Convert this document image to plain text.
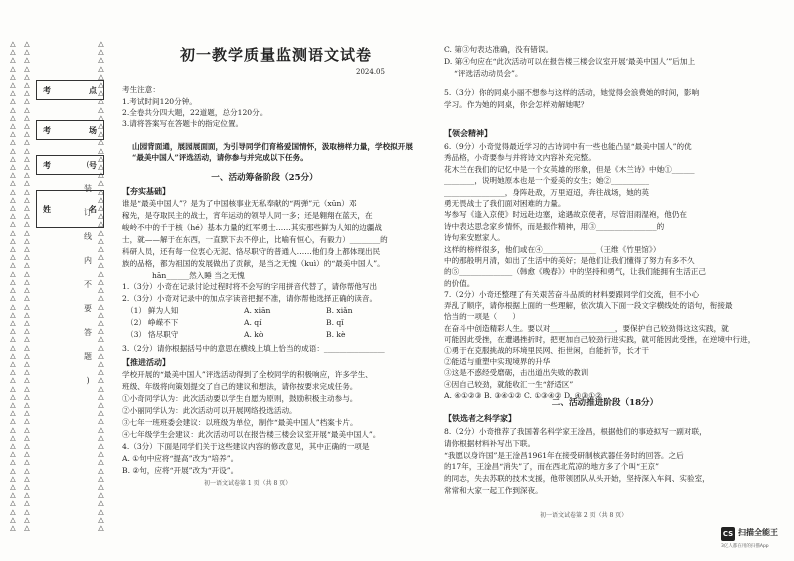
△
△
△
△
△
△
△
△
△
△
△
△
△
△
△
△
△
△
△
△
△
△
△
△
△
△
△
△
△
△
△
△
△
△
△
△
△
△
△
△
△
△
△
△
△
△
△
△
△
△
△
△
△
△
△
△
△
△
△
△
△
△
△
△
△
△
△
△
△
△
△
△
△
△
△
△
△
△
△
△
△
△
△
△
△
△
△
△
△
△
△
△
△
△
△
△
△
△
△
△
△
△
△
△
△
△
△
△
△
△
△
△
△
△
△
△
△
△
△
△
△
△
△
△
△
△
△
△
△
△
△
△
△
△
△
△
△
△
△
△
△
△
△
△
△
△
△
△
△
△
△
△
△
△
△
△
△
△
△
△
△
△
△
△
△
△
△
△
△
△
△
△
△
△
△
△
△
△
△
△
考	点
考	场
考	号
姓	名
(
装
订
线
内
不
要
答
题
)
初一教学质量监测语文试卷
2024.05

考生注意：

1.考试时间120分钟。

2.全卷共分四大题，22道题，总分120分。

3.请将答案写在答题卡的指定位置。

山园背面通，展园展面面，为引导同学们育格爱国情怀，汲取榜样力量，学校拟开展

“最美中国人”评选活动，请你参与并完成以下任务。

一、活动筹备阶段（25分）
【夯实基础】

谁是“最美中国人”？是为了中国核事业无私奉献的“两弹”元（xūn）邓

稼先，是夺取民主的战士，宵年运动的领导人同一多；还是翱翔在蓝天，在

峻岭不中的千于核（hé）基本力量的红军勇士……其实那些鲜为人知的边疆战

士，就——解于在东西，一直默下去不停止，比喻有恒心，有毅力）________的

科研人员，还有每一位衷心无泥、恪尽职守的普通人……他们身上都体现出民

族的品格，都为祖国的发展做出了贡献，是当之无愧（kuì）的“最美中国人”。

hān______然入睡 当之无愧

1.（3分）小奇在记录讨论过程时将不会写的字用拼音代替了，请你帮他写出

2.（3分）小奇对记录中的加点字读音把握不准，请你帮他选择正确的读音。

（1） 鲜为人知	A. xiān	B. xiǎn
（2） 峥嵘不下	A. qí	B. qǐ
（3） 恪尽职守	A. kò	B. kè

3.（2分）请你根据括号中的意思在横线上填上恰当的成语：________________

【推进活动】

学校开展的“最美中国人”评选活动得到了全校同学的积极响应，许多学生、

班级、年级将向策划提交了自己的建议和想法，请你按要求完成任务。

①小奇同学认为：此次活动要以学生自愿为原则，鼓励积极主动参与。

②小丽同学认为：此次活动可以开展网络投选活动。

③七年一班班委会建议：以班级为单位，制作“最美中国人”档案卡片。

④七年级学生会建议：此次活动可以在报告楼三楼会议室开展“最美中国人”。

4.（3分）下面是同学们关于这些建议内容的修改意见，其中正确的一项是

A. ①句中应将“提高”改为“培养”。

B. ②句，应将“开展”改为“开设”。

初一语文试卷第 1 页（共 8 页）

C. 第③句表达准确，没有错误。

D. 第④句应在“此次活动可以在报告楼三楼会议室开展‘最美中国人’”后加上

“评选活动动员会”。

5.（3分）你的同桌小丽不想参与这样的活动，她觉得会浪费她的时间，影响

学习。作为她的同桌，你会怎样劝解她呢？

【领会精神】

6.（9分）小奇觉得最近学习的古诗词中有一些也能凸显“最美中国人”的优

秀品格，小奇要参与并将诗文内容补充完整。

花木兰在我们的记忆中是一个女英雄的形象，但是《木兰诗》中她①______

________，说明她原本也是一个爱美的女生；她②__________

________________，身阵赴敌，万里迢迢，奔往战场，她的英

勇无畏战士了我们面对困难的力量。

岑参写《逢入京使》时远赴边塞，途遇故京使者，尽管泪雨湿袍，他仍在

诗中表达思念家乡情怀，而是振作精神，用③________________的

诗句来安慰家人。

这样的榜样很多，他们或在④______________（王维《竹里馆》）

中的那般明月清，如出了生活中的美好；是他们让我们懂得了努力有多不久

的⑤______________（韩愈《晚春》）中的坚持和勇气，让我们能拥有生活正己

的价值。

7.（2分）小奇还整理了有关艰苦奋斗品质的材料要跟同学们交流，但不小心

弄乱了顺序，请你根据上面的一些理解，依次填入下面一段文字横线处的语句，衔接最

恰当的一项是（　　）

在奋斗中创造精彩人生。要以对_________________，要保护自己较劲得这这实践，就

可能因此受挫，在遭遇挫折时，把更加自己较劲行进实践，就可能因此受挫，在逆境中行进，

①勇于在克服挑战的环境里民网、拒世闲，自能折节，长才干

②能适与重塑中实现境界的升华

③这是不惑经受磨砺，击出道出失败的教训

④因自己较劲，就能收汇一生“舒适区”

A. ④①②③ B. ③④①② C. ①③④② D. ④③①②

二、活动推进阶段（18分）
【铁选者之科学家】

8.（2分）小奇推荐了我国著名科学家王淦昌，根据他们的事迹拟写一副对联，

请你根据材料补写出下联。

“我愿以身许国”是王淦昌1961年在接受研制核武器任务时的回答。之后

的17年，王淦昌“消失”了，而在西北荒凉的地方多了个叫“王京”

的同志，失去苏联的技术支援，他带领团队从头开始，坚持深入车间、实验室，

常常和大家一起工作到深夜。

初一语文试卷第 2 页（共 8 页）
CS 扫描全能王
3亿人都在用的扫描App
